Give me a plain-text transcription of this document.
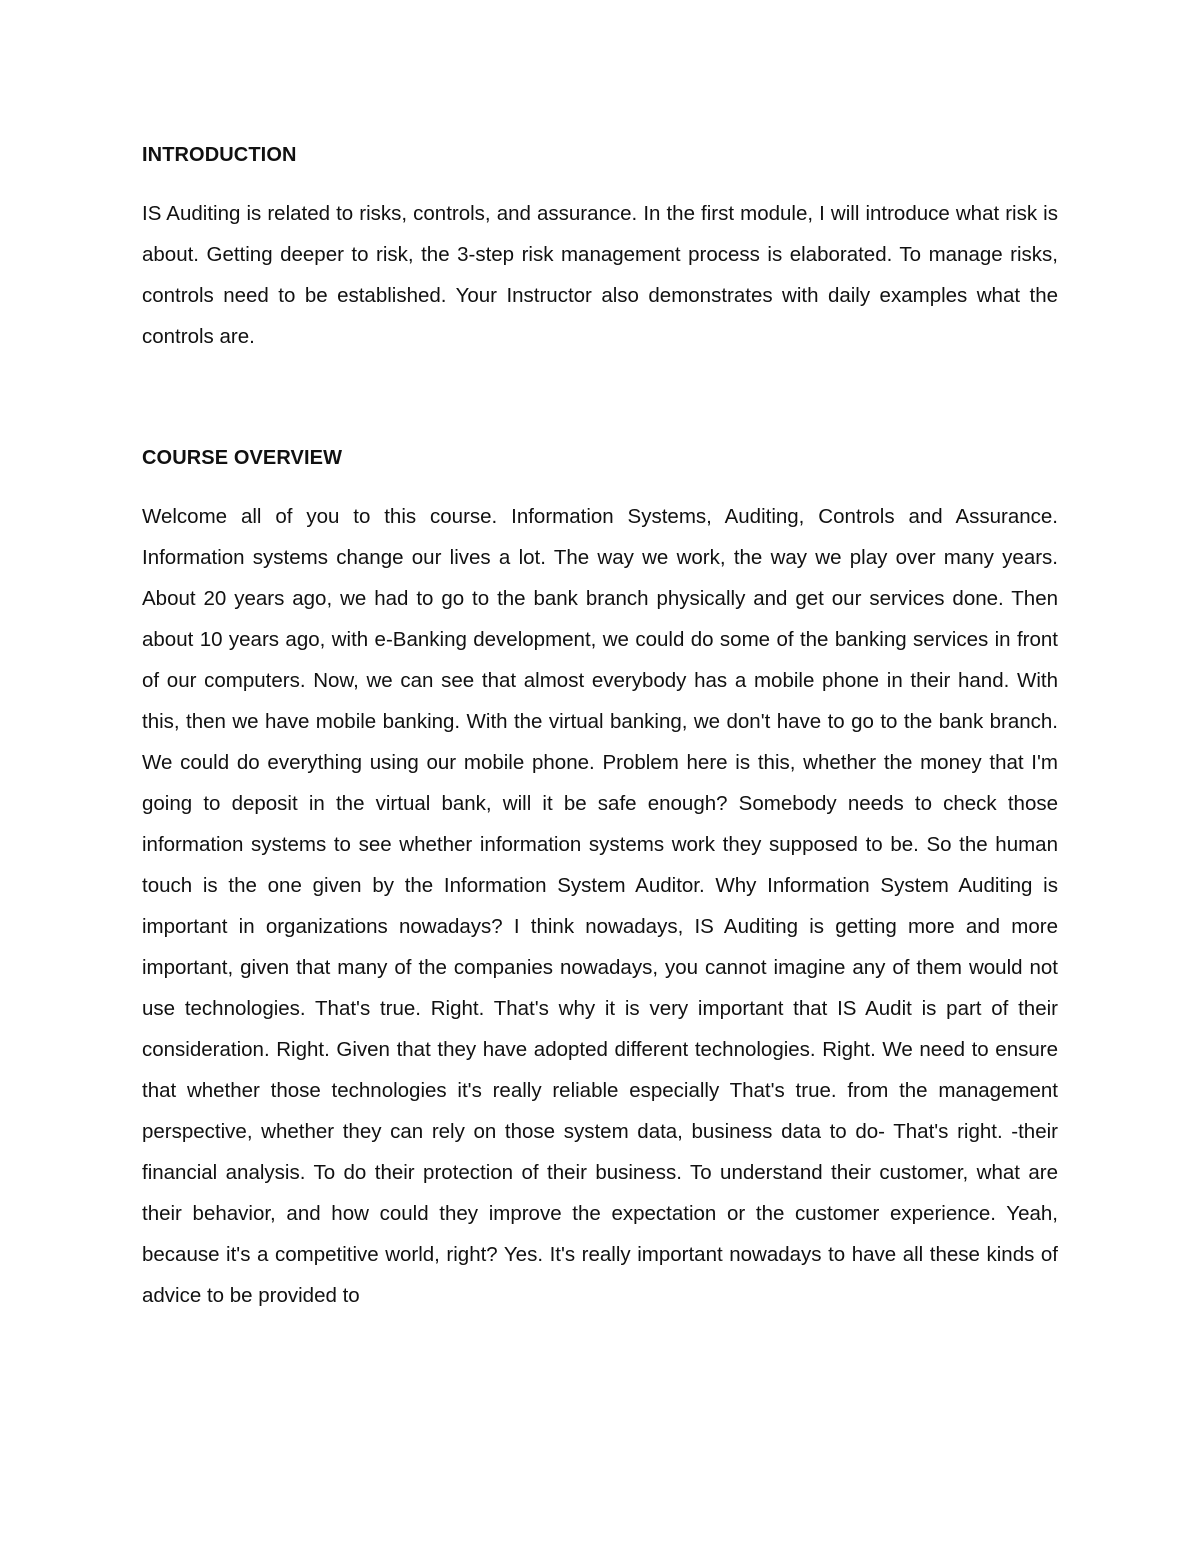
INTRODUCTION

IS Auditing is related to risks, controls, and assurance. In the first module, I will introduce what risk is about. Getting deeper to risk, the 3-step risk management process is elaborated. To manage risks, controls need to be established. Your Instructor also demonstrates with daily examples what the controls are.

COURSE OVERVIEW

Welcome all of you to this course. Information Systems, Auditing, Controls and Assurance. Information systems change our lives a lot. The way we work, the way we play over many years. About 20 years ago, we had to go to the bank branch physically and get our services done. Then about 10 years ago, with e-Banking development, we could do some of the banking services in front of our computers. Now, we can see that almost everybody has a mobile phone in their hand. With this, then we have mobile banking. With the virtual banking, we don't have to go to the bank branch. We could do everything using our mobile phone. Problem here is this, whether the money that I'm going to deposit in the virtual bank, will it be safe enough? Somebody needs to check those information systems to see whether information systems work they supposed to be. So the human touch is the one given by the Information System Auditor. Why Information System Auditing is important in organizations nowadays? I think nowadays, IS Auditing is getting more and more important, given that many of the companies nowadays, you cannot imagine any of them would not use technologies. That's true. Right. That's why it is very important that IS Audit is part of their consideration. Right. Given that they have adopted different technologies. Right. We need to ensure that whether those technologies it's really reliable especially That's true. from the management perspective, whether they can rely on those system data, business data to do- That's right. -their financial analysis. To do their protection of their business. To understand their customer, what are their behavior, and how could they improve the expectation or the customer experience. Yeah, because it's a competitive world, right? Yes. It's really important nowadays to have all these kinds of advice to be provided to
